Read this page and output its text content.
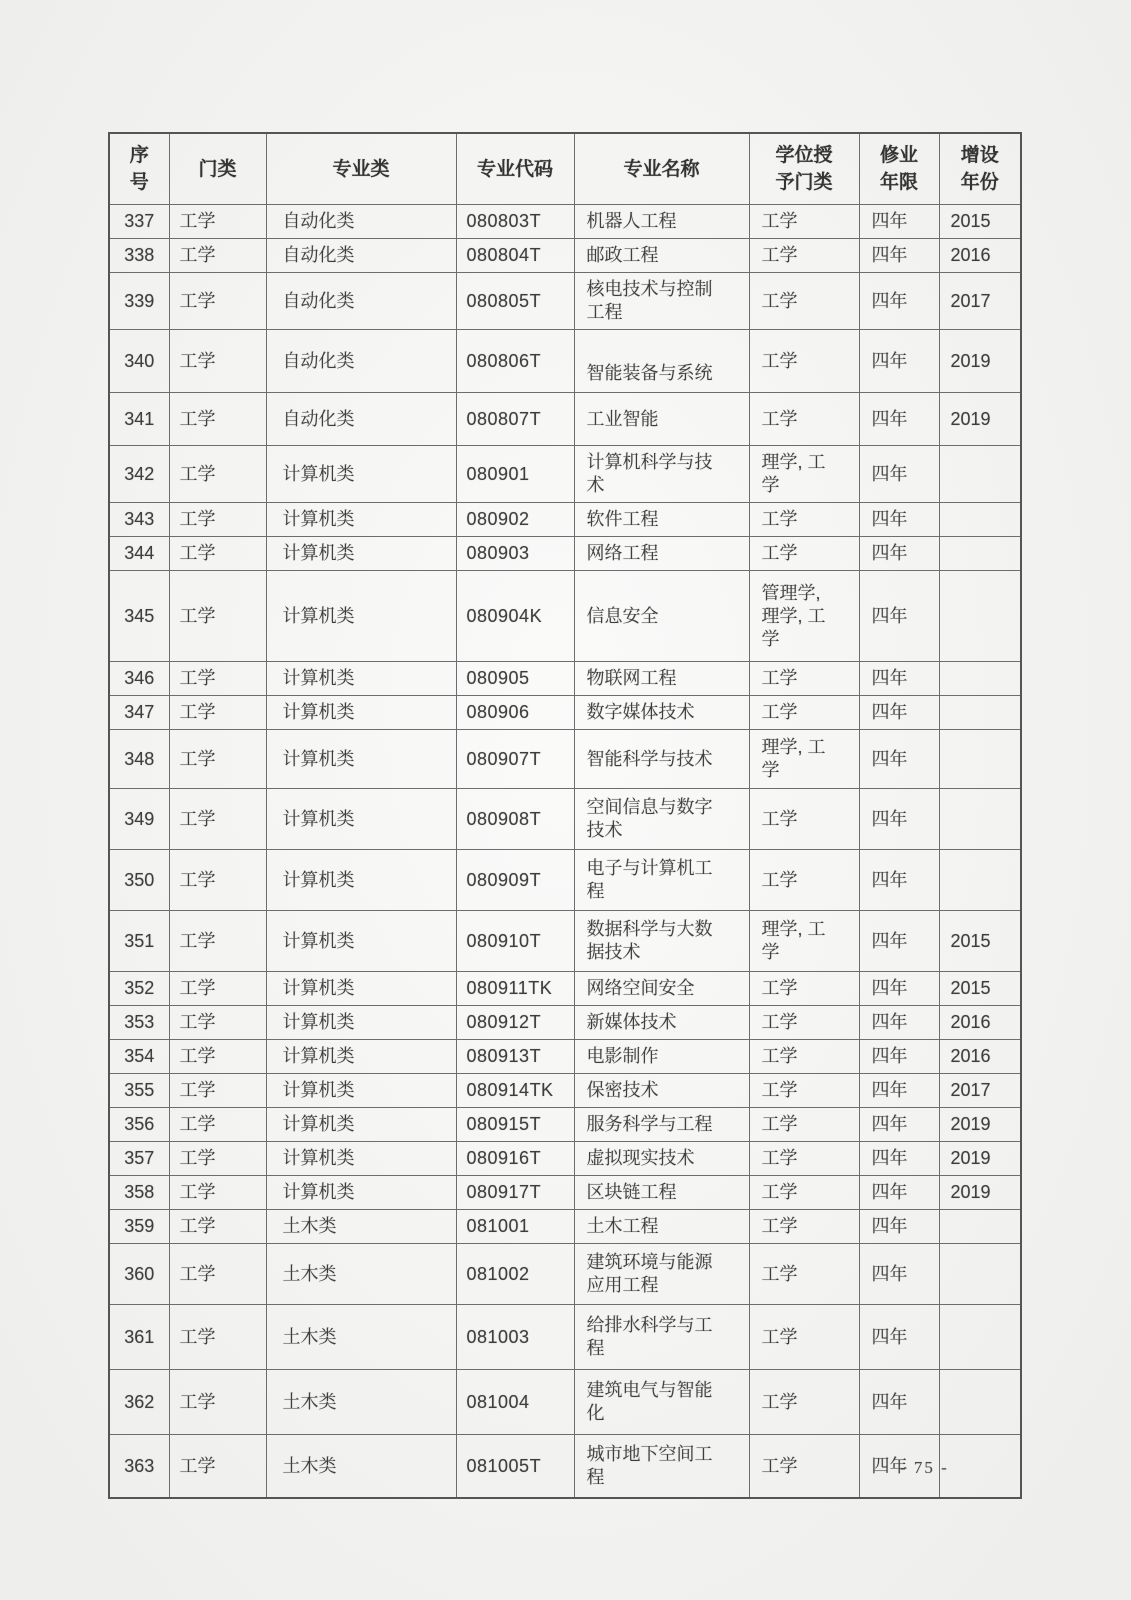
序号	门类	专业类	专业代码	专业名称	学位授予门类	修业年限	增设年份
337	工学	自动化类	080803T	机器人工程	工学	四年	2015
338	工学	自动化类	080804T	邮政工程	工学	四年	2016
339	工学	自动化类	080805T	核电技术与控制工程	工学	四年	2017
340	工学	自动化类	080806T	智能装备与系统	工学	四年	2019
341	工学	自动化类	080807T	工业智能	工学	四年	2019
342	工学	计算机类	080901	计算机科学与技术	理学, 工学	四年	
343	工学	计算机类	080902	软件工程	工学	四年	
344	工学	计算机类	080903	网络工程	工学	四年	
345	工学	计算机类	080904K	信息安全	管理学, 理学, 工学	四年	
346	工学	计算机类	080905	物联网工程	工学	四年	
347	工学	计算机类	080906	数字媒体技术	工学	四年	
348	工学	计算机类	080907T	智能科学与技术	理学, 工学	四年	
349	工学	计算机类	080908T	空间信息与数字技术	工学	四年	
350	工学	计算机类	080909T	电子与计算机工程	工学	四年	
351	工学	计算机类	080910T	数据科学与大数据技术	理学, 工学	四年	2015
352	工学	计算机类	080911TK	网络空间安全	工学	四年	2015
353	工学	计算机类	080912T	新媒体技术	工学	四年	2016
354	工学	计算机类	080913T	电影制作	工学	四年	2016
355	工学	计算机类	080914TK	保密技术	工学	四年	2017
356	工学	计算机类	080915T	服务科学与工程	工学	四年	2019
357	工学	计算机类	080916T	虚拟现实技术	工学	四年	2019
358	工学	计算机类	080917T	区块链工程	工学	四年	2019
359	工学	土木类	081001	土木工程	工学	四年	
360	工学	土木类	081002	建筑环境与能源应用工程	工学	四年	
361	工学	土木类	081003	给排水科学与工程	工学	四年	
362	工学	土木类	081004	建筑电气与智能化	工学	四年	
363	工学	土木类	081005T	城市地下空间工程	工学	四年	
- 75 -
